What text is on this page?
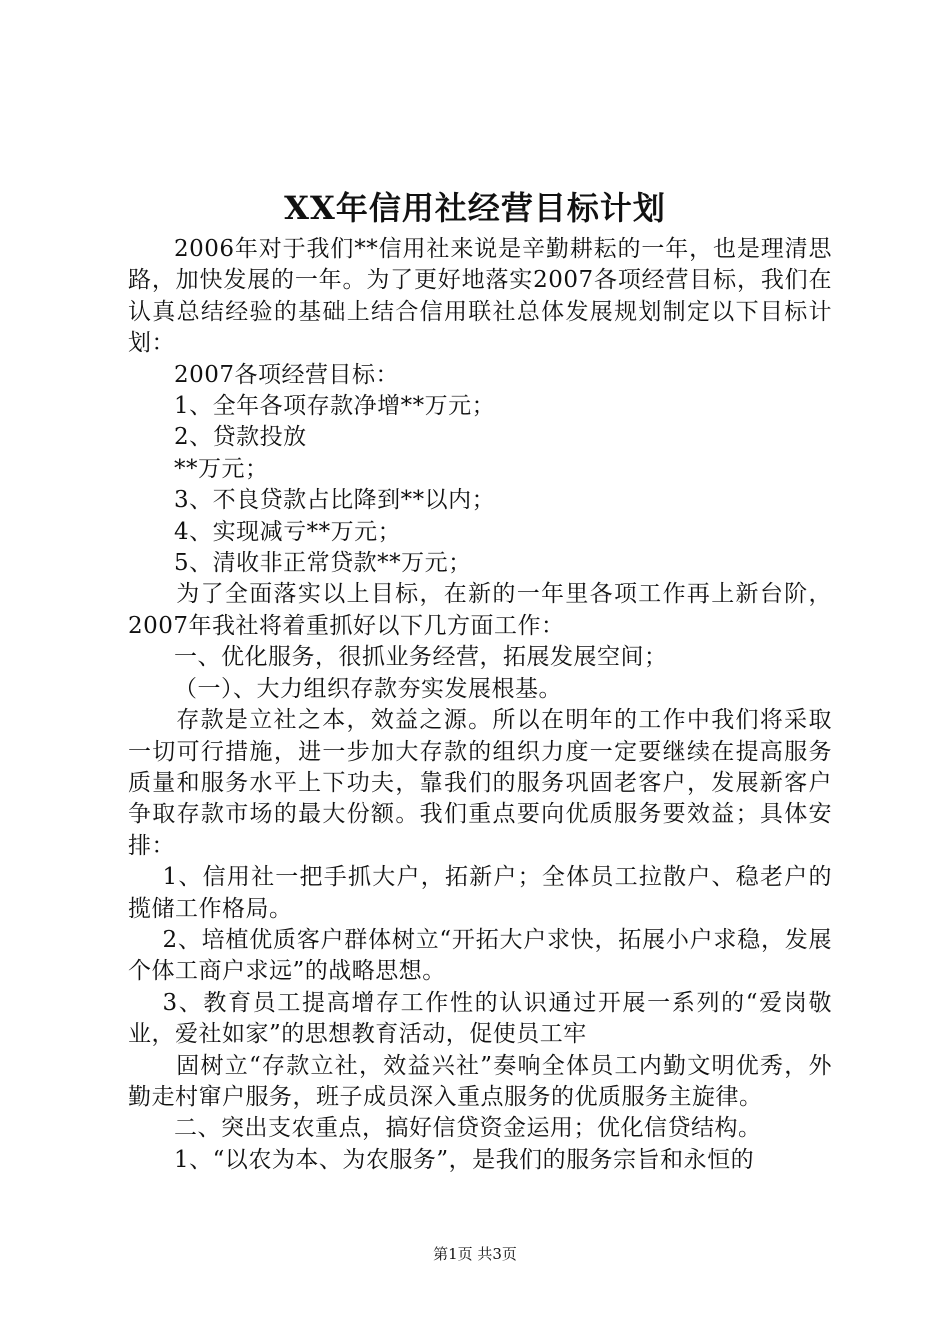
XX年信用社经营目标计划

2006年对于我们**信用社来说是辛勤耕耘的一年，也是理清思路，加快发展的一年。为了更好地落实2007各项经营目标，我们在认真总结经验的基础上结合信用联社总体发展规划制定以下目标计划：

2007各项经营目标：

1、全年各项存款净增**万元；

2、贷款投放

**万元；

3、不良贷款占比降到**以内；

4、实现减亏**万元；

5、清收非正常贷款**万元；

为了全面落实以上目标，在新的一年里各项工作再上新台阶，2007年我社将着重抓好以下几方面工作：

一、优化服务，很抓业务经营，拓展发展空间；

（一）、大力组织存款夯实发展根基。

存款是立社之本，效益之源。所以在明年的工作中我们将采取一切可行措施，进一步加大存款的组织力度一定要继续在提高服务质量和服务水平上下功夫，靠我们的服务巩固老客户，发展新客户争取存款市场的最大份额。我们重点要向优质服务要效益；具体安排：

1、信用社一把手抓大户，拓新户；全体员工拉散户、稳老户的揽储工作格局。

2、培植优质客户群体树立“开拓大户求快，拓展小户求稳，发展个体工商户求远”的战略思想。

3、教育员工提高增存工作性的认识通过开展一系列的“爱岗敬业，爱社如家”的思想教育活动，促使员工牢

固树立“存款立社，效益兴社”奏响全体员工内勤文明优秀，外勤走村窜户服务，班子成员深入重点服务的优质服务主旋律。

二、突出支农重点，搞好信贷资金运用；优化信贷结构。

1、“以农为本、为农服务”，是我们的服务宗旨和永恒的

第1页 共3页
